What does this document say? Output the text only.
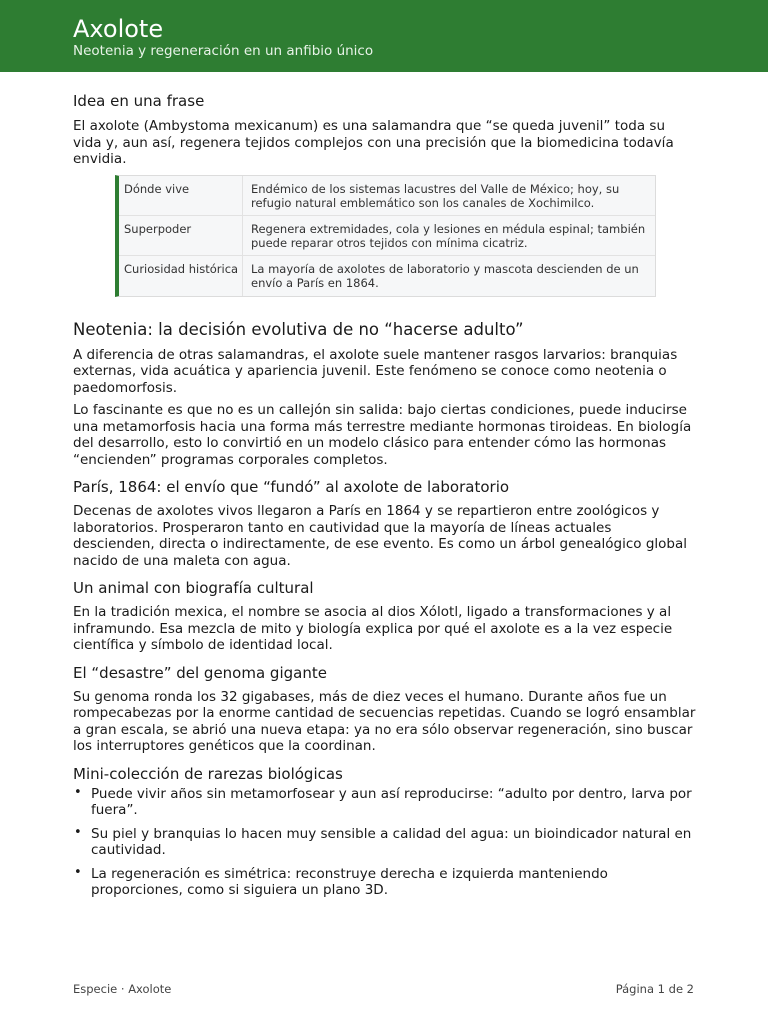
Axolote
Neotenia y regeneración en un anfibio único
Idea en una frase

El axolote (Ambystoma mexicanum) es una salamandra que “se queda juvenil” toda su vida y, aun así, regenera tejidos complejos con una precisión que la biomedicina todavía envidia.

Dónde vive	Endémico de los sistemas lacustres del Valle de México; hoy, su refugio natural emblemático son los canales de Xochimilco.
Superpoder	Regenera extremidades, cola y lesiones en médula espinal; también puede reparar otros tejidos con mínima cicatriz.
Curiosidad histórica	La mayoría de axolotes de laboratorio y mascota descienden de un envío a París en 1864.
Neotenia: la decisión evolutiva de no “hacerse adulto”

A diferencia de otras salamandras, el axolote suele mantener rasgos larvarios: branquias externas, vida acuática y apariencia juvenil. Este fenómeno se conoce como neotenia o paedomorfosis.

Lo fascinante es que no es un callejón sin salida: bajo ciertas condiciones, puede inducirse una metamorfosis hacia una forma más terrestre mediante hormonas tiroideas. En biología del desarrollo, esto lo convirtió en un modelo clásico para entender cómo las hormonas “encienden” programas corporales completos.

París, 1864: el envío que “fundó” al axolote de laboratorio

Decenas de axolotes vivos llegaron a París en 1864 y se repartieron entre zoológicos y laboratorios. Prosperaron tanto en cautividad que la mayoría de líneas actuales descienden, directa o indirectamente, de ese evento. Es como un árbol genealógico global nacido de una maleta con agua.

Un animal con biografía cultural

En la tradición mexica, el nombre se asocia al dios Xólotl, ligado a transformaciones y al inframundo. Esa mezcla de mito y biología explica por qué el axolote es a la vez especie científica y símbolo de identidad local.

El “desastre” del genoma gigante

Su genoma ronda los 32 gigabases, más de diez veces el humano. Durante años fue un rompecabezas por la enorme cantidad de secuencias repetidas. Cuando se logró ensamblar a gran escala, se abrió una nueva etapa: ya no era sólo observar regeneración, sino buscar los interruptores genéticos que la coordinan.

Mini-colección de rarezas biológicas
• Puede vivir años sin metamorfosear y aun así reproducirse: “adulto por dentro, larva por fuera”.
• Su piel y branquias lo hacen muy sensible a calidad del agua: un bioindicador natural en cautividad.
• La regeneración es simétrica: reconstruye derecha e izquierda manteniendo proporciones, como si siguiera un plano 3D.
Especie · Axolote	Página 1 de 2
